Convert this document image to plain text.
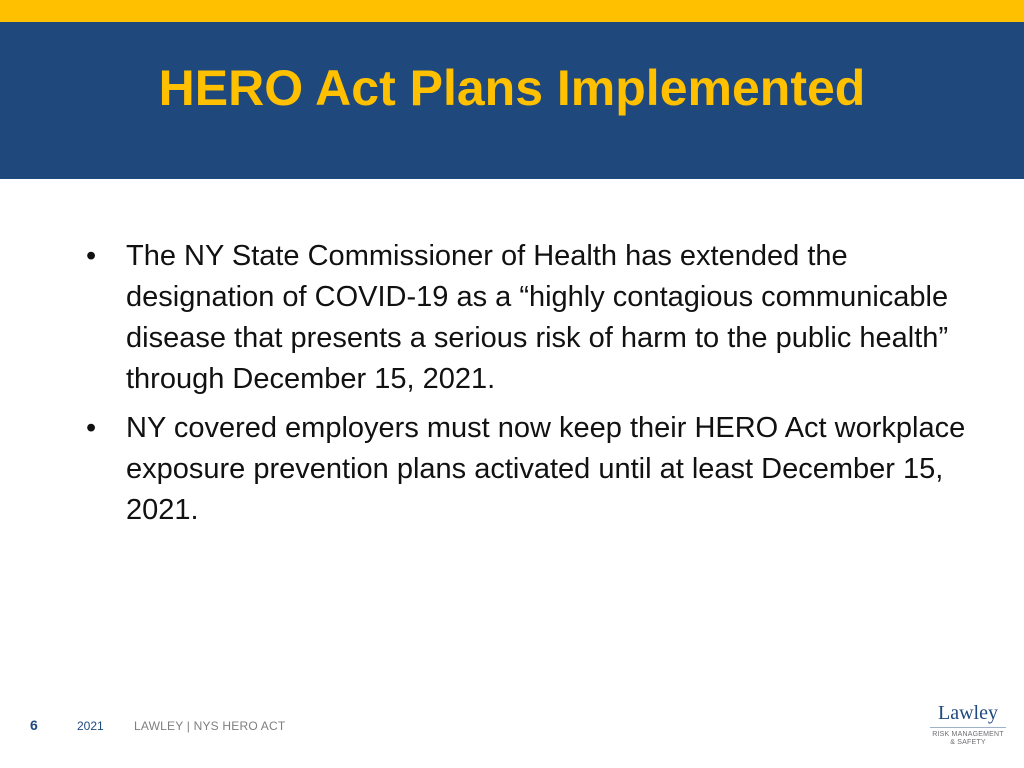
HERO Act Plans Implemented
•	The NY State Commissioner of Health has extended the designation of COVID-19 as a “highly contagious communicable disease that presents a serious risk of harm to the public health” through December 15, 2021.
•	NY covered employers must now keep their HERO Act workplace exposure prevention plans activated until at least December 15, 2021.
6	2021	LAWLEY | NYS HERO ACT
Lawley
RISK MANAGEMENT
& SAFETY
